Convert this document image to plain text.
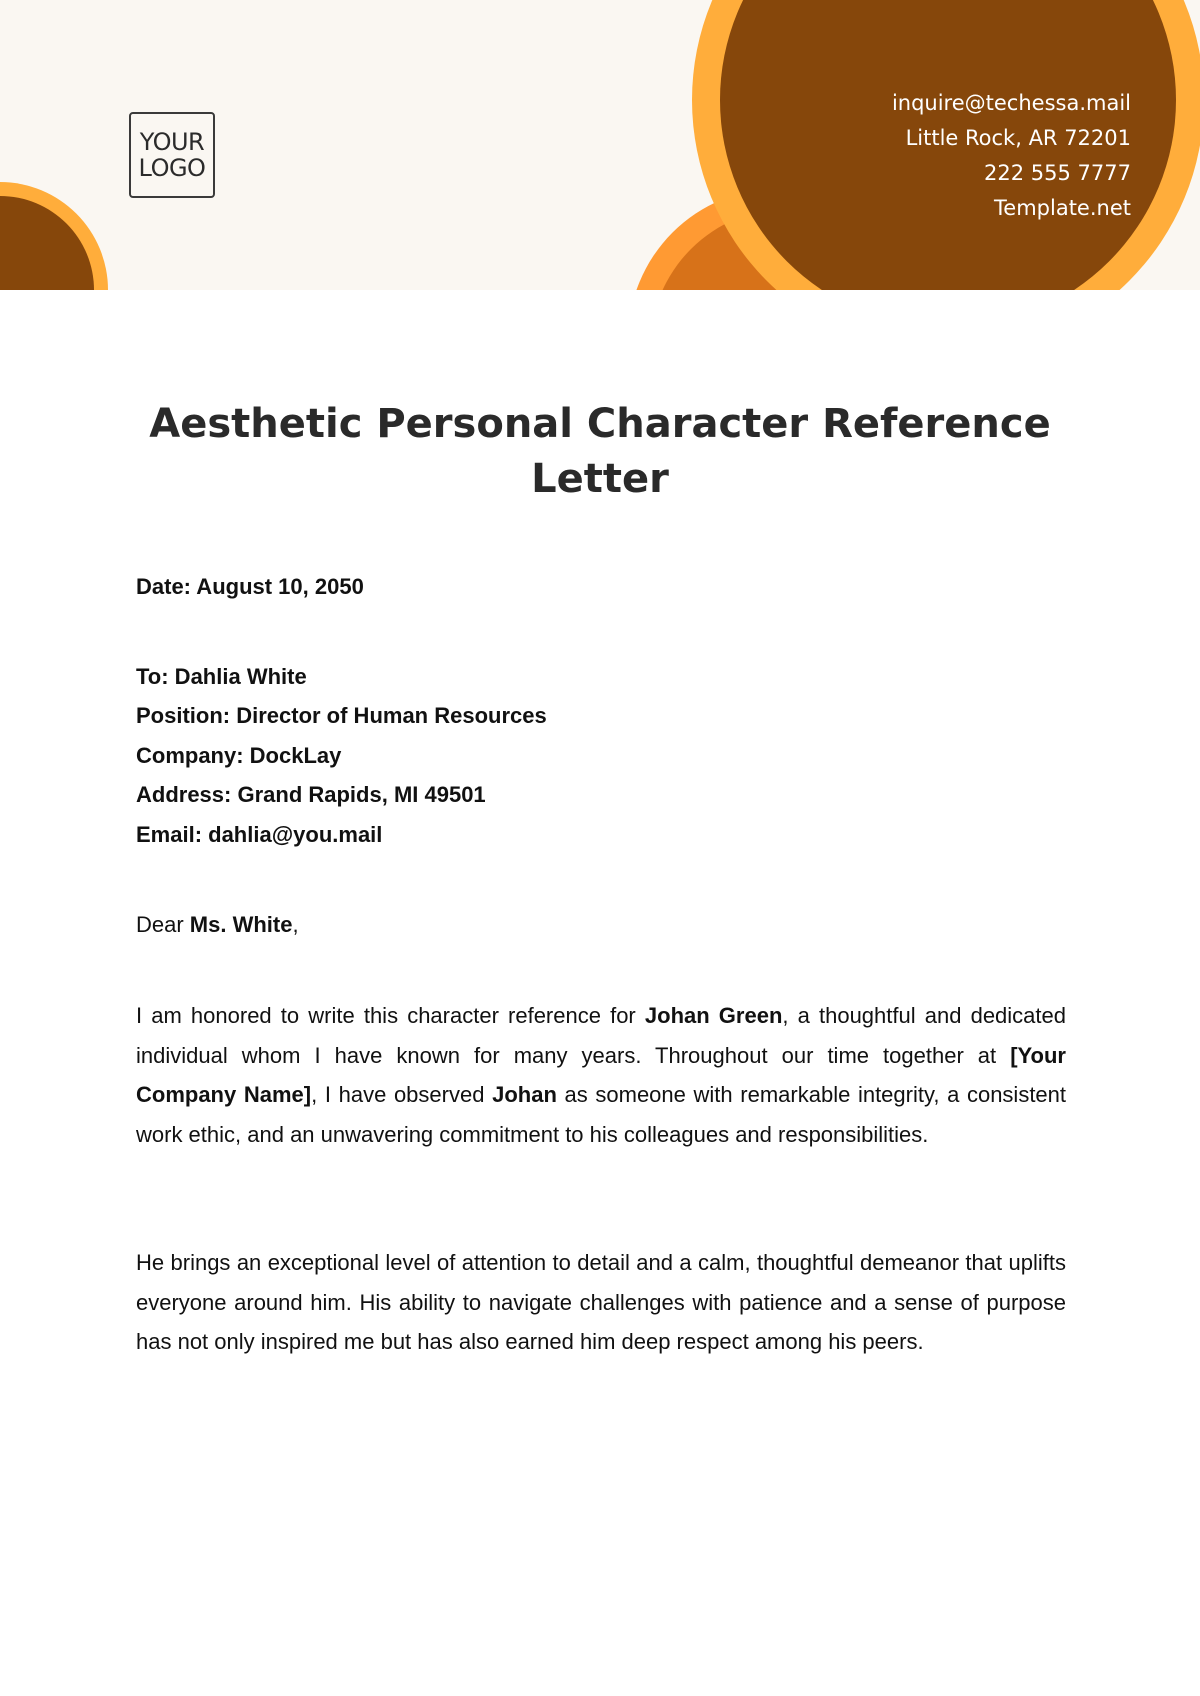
YOUR
LOGO
inquire@techessa.mail
Little Rock, AR 72201
222 555 7777
Template.net
Aesthetic Personal Character Reference Letter
Date: August 10, 2050
To: Dahlia White
Position: Director of Human Resources
Company: DockLay
Address: Grand Rapids, MI 49501
Email: dahlia@you.mail
Dear Ms. White,

I am honored to write this character reference for Johan Green, a thoughtful and dedicated individual whom I have known for many years. Throughout our time together at [Your Company Name], I have observed Johan as someone with remarkable integrity, a consistent work ethic, and an unwavering commitment to his colleagues and responsibilities.

He brings an exceptional level of attention to detail and a calm, thoughtful demeanor that uplifts everyone around him. His ability to navigate challenges with patience and a sense of purpose has not only inspired me but has also earned him deep respect among his peers.
